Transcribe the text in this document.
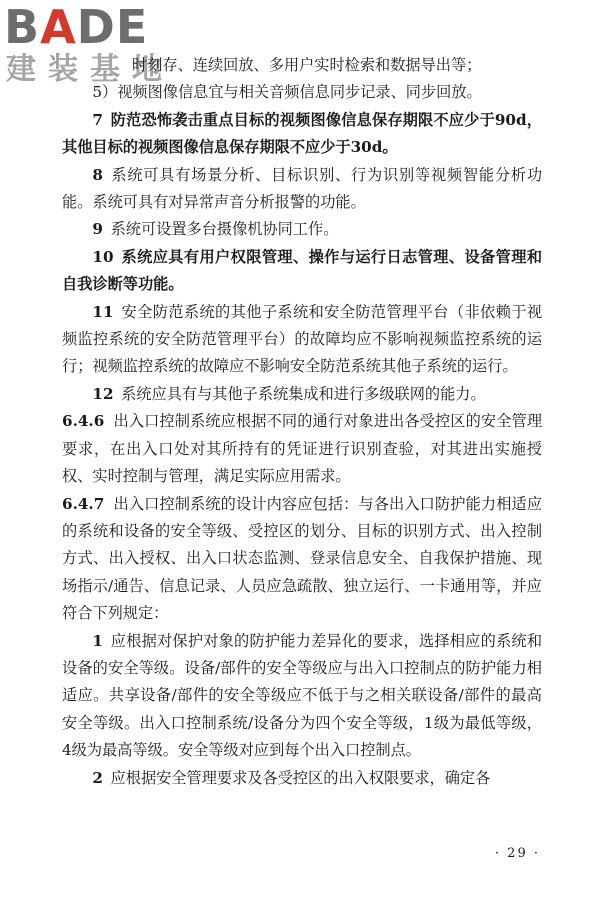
BADE
建装基地

时刻存、连续回放、多用户实时检索和数据导出等；

5）视频图像信息宜与相关音频信息同步记录、同步回放。

7 防范恐怖袭击重点目标的视频图像信息保存期限不应少于90d，其他目标的视频图像信息保存期限不应少于30d。

8 系统可具有场景分析、目标识别、行为识别等视频智能分析功能。系统可具有对异常声音分析报警的功能。

9 系统可设置多台摄像机协同工作。

10 系统应具有用户权限管理、操作与运行日志管理、设备管理和自我诊断等功能。

11 安全防范系统的其他子系统和安全防范管理平台（非依赖于视频监控系统的安全防范管理平台）的故障均应不影响视频监控系统的运行；视频监控系统的故障应不影响安全防范系统其他子系统的运行。

12 系统应具有与其他子系统集成和进行多级联网的能力。

6.4.6 出入口控制系统应根据不同的通行对象进出各受控区的安全管理要求，在出入口处对其所持有的凭证进行识别查验，对其进出实施授权、实时控制与管理，满足实际应用需求。

6.4.7 出入口控制系统的设计内容应包括：与各出入口防护能力相适应的系统和设备的安全等级、受控区的划分、目标的识别方式、出入控制方式、出入授权、出入口状态监测、登录信息安全、自我保护措施、现场指示/通告、信息记录、人员应急疏散、独立运行、一卡通用等，并应符合下列规定：

1 应根据对保护对象的防护能力差异化的要求，选择相应的系统和设备的安全等级。设备/部件的安全等级应与出入口控制点的防护能力相适应。共享设备/部件的安全等级应不低于与之相关联设备/部件的最高安全等级。出入口控制系统/设备分为四个安全等级，1级为最低等级，4级为最高等级。安全等级对应到每个出入口控制点。

2 应根据安全管理要求及各受控区的出入权限要求，确定各

· 29 ·
